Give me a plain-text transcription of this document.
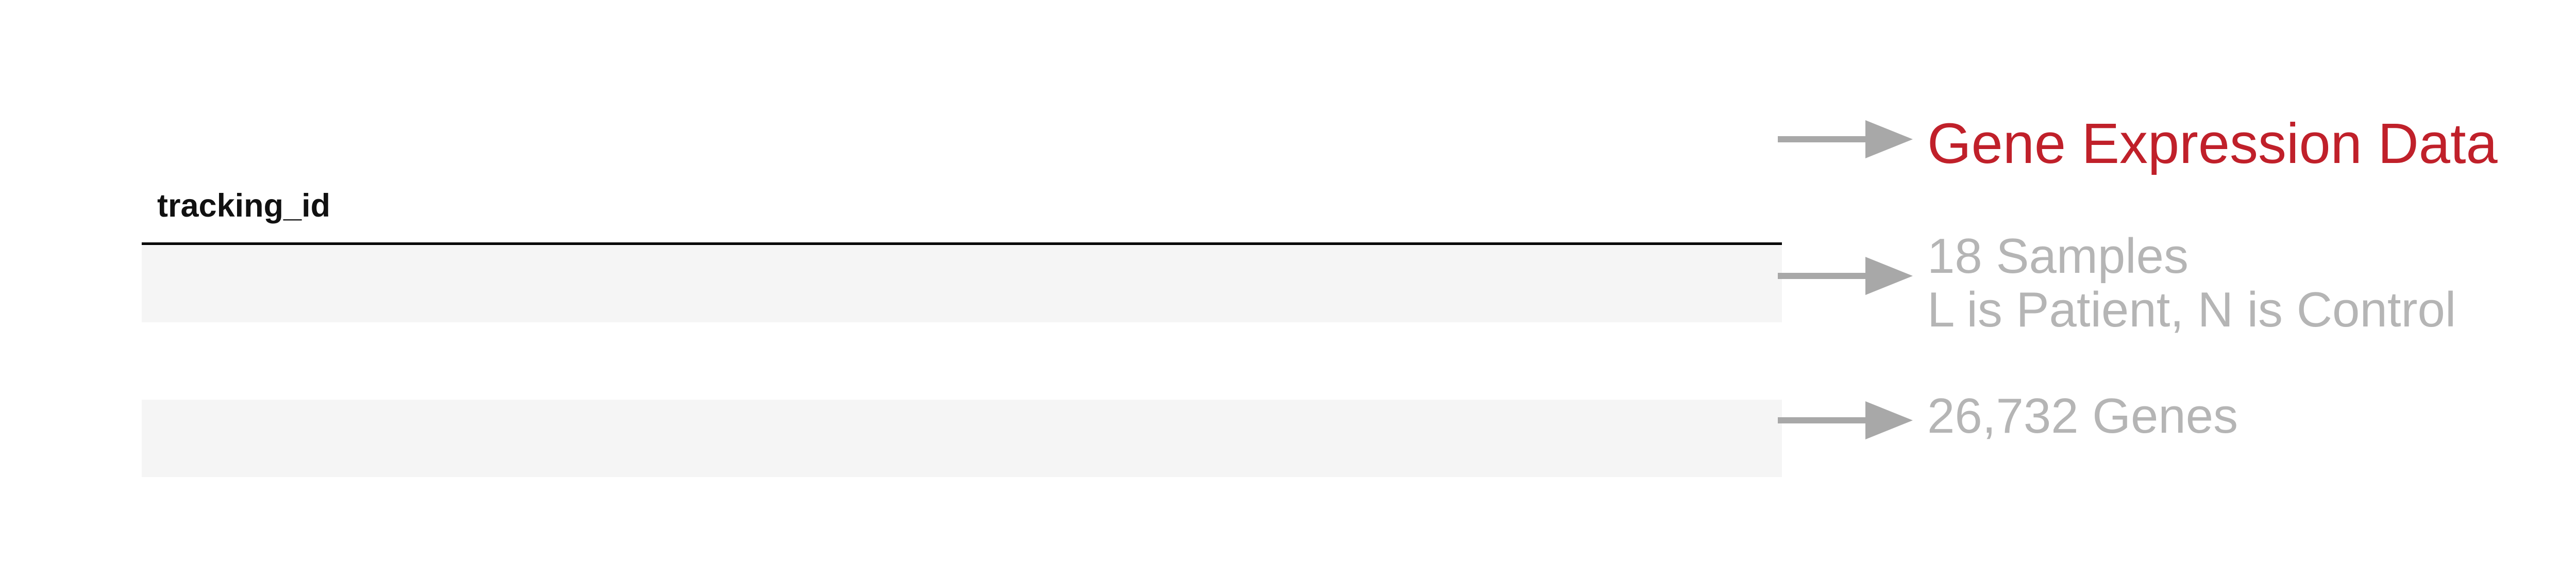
tracking_id
Gene Expression Data
18 Samples
L is Patient, N is Control
26,732 Genes
